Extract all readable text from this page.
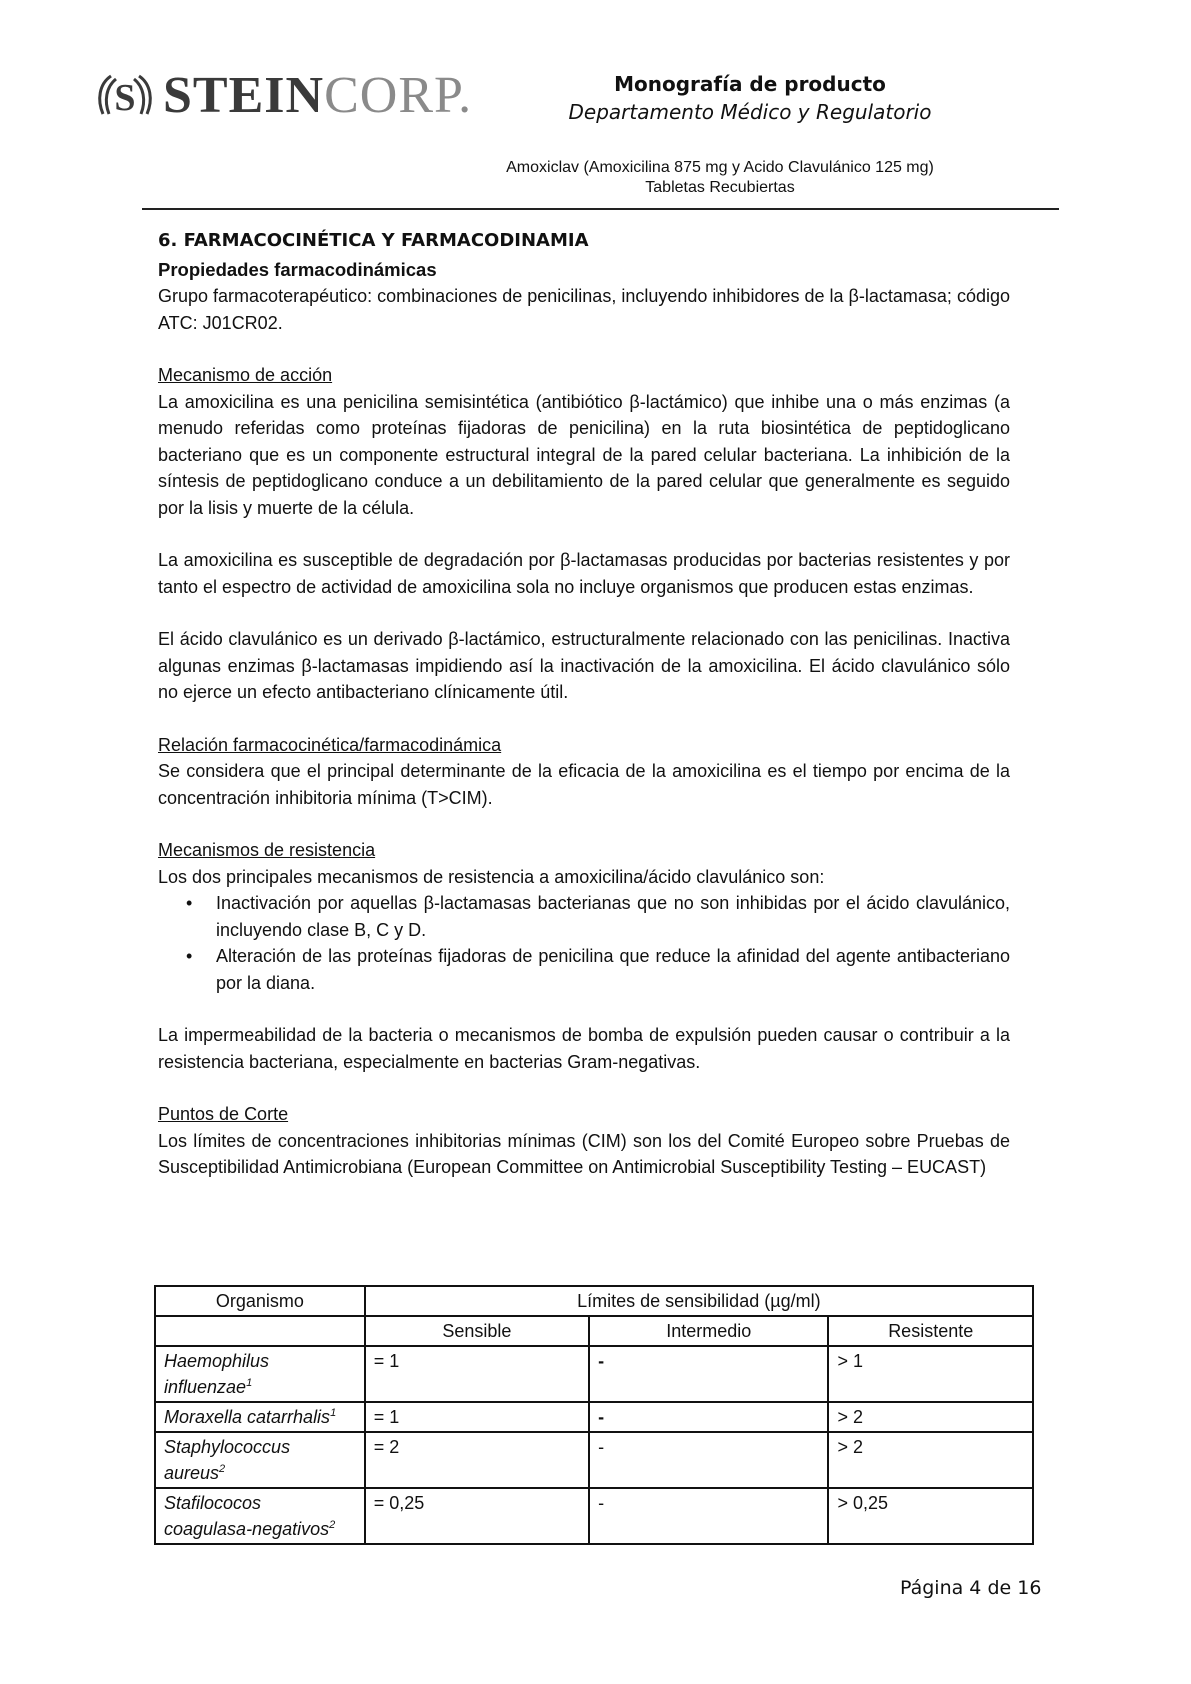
S STEINCORP.	Monografía de producto
Departamento Médico y Regulatorio
Amoxiclav (Amoxicilina 875 mg y Acido Clavulánico 125 mg)
Tabletas Recubiertas
6. FARMACOCINÉTICA Y FARMACODINAMIA
Propiedades farmacodinámicas

Grupo farmacoterapéutico: combinaciones de penicilinas, incluyendo inhibidores de la β-lactamasa; código ATC: J01CR02.

Mecanismo de acción

La amoxicilina es una penicilina semisintética (antibiótico β-lactámico) que inhibe una o más enzimas (a menudo referidas como proteínas fijadoras de penicilina) en la ruta biosintética de peptidoglicano bacteriano que es un componente estructural integral de la pared celular bacteriana. La inhibición de la síntesis de peptidoglicano conduce a un debilitamiento de la pared celular que generalmente es seguido por la lisis y muerte de la célula.

La amoxicilina es susceptible de degradación por β-lactamasas producidas por bacterias resistentes y por tanto el espectro de actividad de amoxicilina sola no incluye organismos que producen estas enzimas.

El ácido clavulánico es un derivado β-lactámico, estructuralmente relacionado con las penicilinas. Inactiva algunas enzimas β-lactamasas impidiendo así la inactivación de la amoxicilina. El ácido clavulánico sólo no ejerce un efecto antibacteriano clínicamente útil.

Relación farmacocinética/farmacodinámica

Se considera que el principal determinante de la eficacia de la amoxicilina es el tiempo por encima de la concentración inhibitoria mínima (T>CIM).

Mecanismos de resistencia

Los dos principales mecanismos de resistencia a amoxicilina/ácido clavulánico son:

• Inactivación por aquellas β-lactamasas bacterianas que no son inhibidas por el ácido clavulánico, incluyendo clase B, C y D.
• Alteración de las proteínas fijadoras de penicilina que reduce la afinidad del agente antibacteriano por la diana.

La impermeabilidad de la bacteria o mecanismos de bomba de expulsión pueden causar o contribuir a la resistencia bacteriana, especialmente en bacterias Gram-negativas.

Puntos de Corte

Los límites de concentraciones inhibitorias mínimas (CIM) son los del Comité Europeo sobre Pruebas de Susceptibilidad Antimicrobiana (European Committee on Antimicrobial Susceptibility Testing – EUCAST)

Organismo	Límites de sensibilidad (µg/ml)		
	Sensible	Intermedio	Resistente
Haemophilus
influenzae$^1$	= 1	-	> 1
Moraxella catarrhalis$^1$	= 1	-	> 2
Staphylococcus
aureus$^2$	= 2	-	> 2
Stafilococos
coagulasa-negativos$^2$	= 0,25	-	> 0,25
Página 4 de 16
